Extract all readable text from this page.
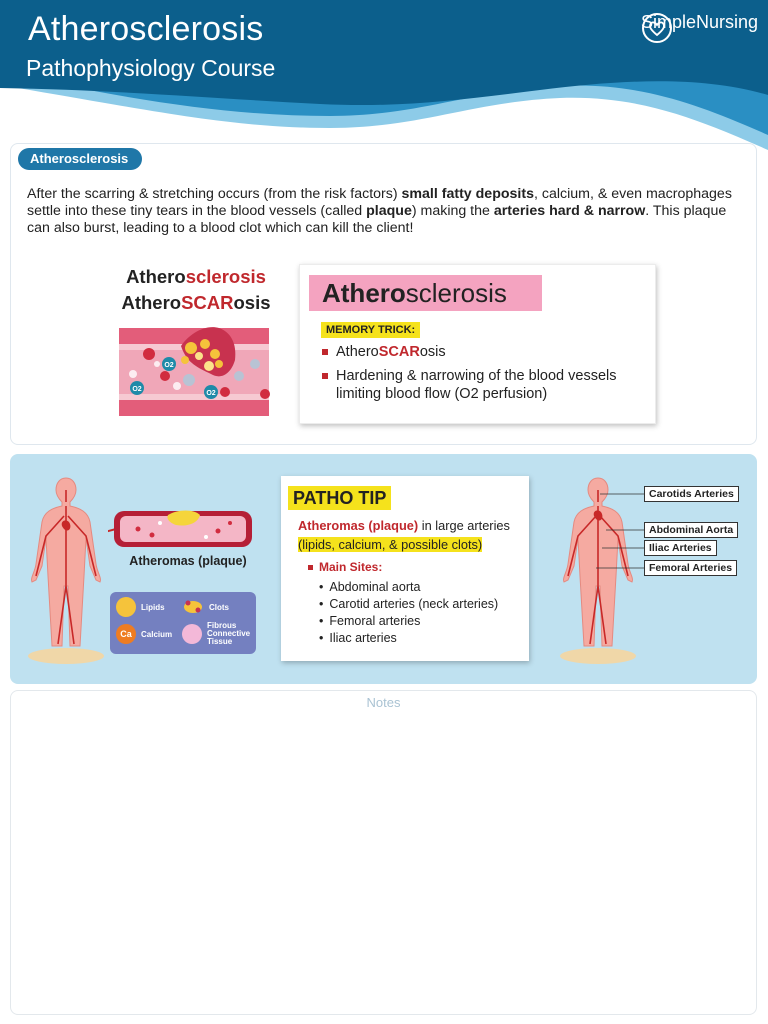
Atherosclerosis
Pathophysiology Course
SimpleNursing
Atherosclerosis

After the scarring & stretching occurs (from the risk factors) small fatty deposits, calcium, & even macrophages settle into these tiny tears in the blood vessels (called plaque) making the arteries hard & narrow. This plaque can also burst, leading to a blood clot which can kill the client!

Atherosclerosis
AtheroSCARosis
O2
O2
O2
Atherosclerosis
MEMORY TRICK:
AtheroSCARosis
Hardening & narrowing of the blood vessels limiting blood flow (O2 perfusion)
Atheromas (plaque)
Lipids	Clots
Ca	Calcium
Fibrous Connective Tissue
PATHO TIP
Atheromas (plaque) in large arteries
(lipids, calcium, & possible clots)
Main Sites:
• Abdominal aorta
• Carotid arteries (neck arteries)
• Femoral arteries
• Iliac arteries
Carotids Arteries
Abdominal Aorta
Iliac Arteries
Femoral Arteries
Notes
